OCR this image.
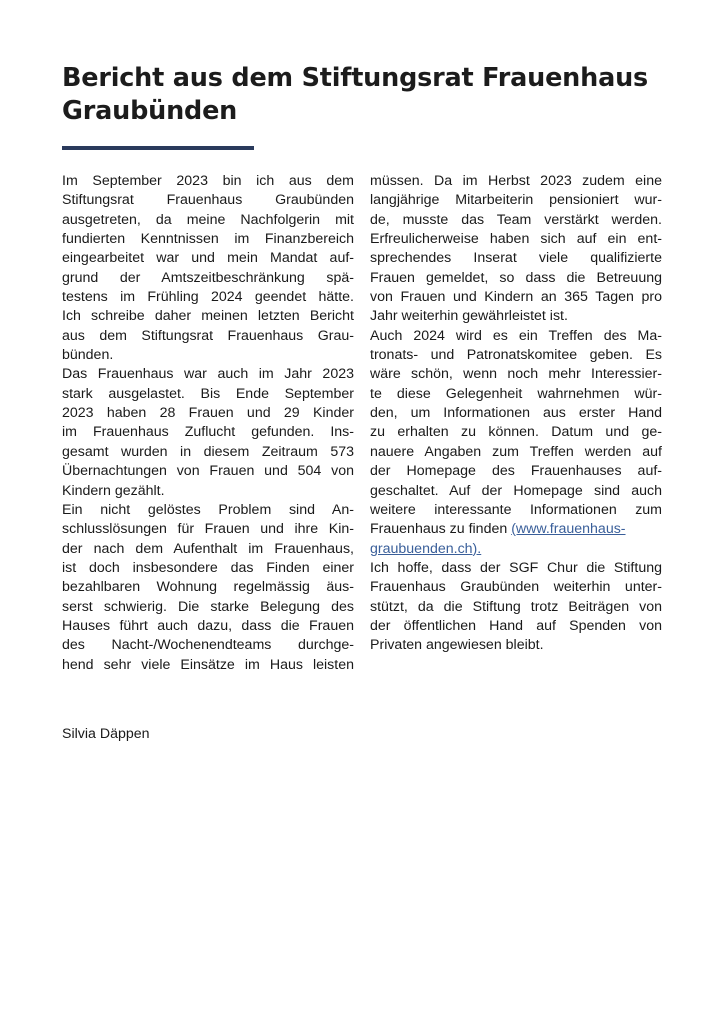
Bericht aus dem Stiftungsrat Frauenhaus
Graubünden
Im September 2023 bin ich aus dem
Stiftungsrat Frauenhaus Graubünden
ausgetreten, da meine Nachfolgerin mit
fundierten Kenntnissen im Finanzbereich
eingearbeitet war und mein Mandat auf-
grund der Amtszeitbeschränkung spä-
testens im Frühling 2024 geendet hätte.
Ich schreibe daher meinen letzten Bericht
aus dem Stiftungsrat Frauenhaus Grau-
bünden.
Das Frauenhaus war auch im Jahr 2023
stark ausgelastet. Bis Ende September
2023 haben 28 Frauen und 29 Kinder
im Frauenhaus Zuflucht gefunden. Ins-
gesamt wurden in diesem Zeitraum 573
Übernachtungen von Frauen und 504 von
Kindern gezählt.
Ein nicht gelöstes Problem sind An-
schlusslösungen für Frauen und ihre Kin-
der nach dem Aufenthalt im Frauenhaus,
ist doch insbesondere das Finden einer
bezahlbaren Wohnung regelmässig äus-
serst schwierig. Die starke Belegung des
Hauses führt auch dazu, dass die Frauen
des Nacht-/Wochenendteams durchge-
hend sehr viele Einsätze im Haus leisten
müssen. Da im Herbst 2023 zudem eine
langjährige Mitarbeiterin pensioniert wur-
de, musste das Team verstärkt werden.
Erfreulicherweise haben sich auf ein ent-
sprechendes Inserat viele qualifizierte
Frauen gemeldet, so dass die Betreuung
von Frauen und Kindern an 365 Tagen pro
Jahr weiterhin gewährleistet ist.
Auch 2024 wird es ein Treffen des Ma-
tronats- und Patronatskomitee geben. Es
wäre schön, wenn noch mehr Interessier-
te diese Gelegenheit wahrnehmen wür-
den, um Informationen aus erster Hand
zu erhalten zu können. Datum und ge-
nauere Angaben zum Treffen werden auf
der Homepage des Frauenhauses auf-
geschaltet. Auf der Homepage sind auch
weitere interessante Informationen zum
Frauenhaus zu finden (www.frauenhaus-
graubuenden.ch).
Ich hoffe, dass der SGF Chur die Stiftung
Frauenhaus Graubünden weiterhin unter-
stützt, da die Stiftung trotz Beiträgen von
der öffentlichen Hand auf Spenden von
Privaten angewiesen bleibt.
Silvia Däppen
